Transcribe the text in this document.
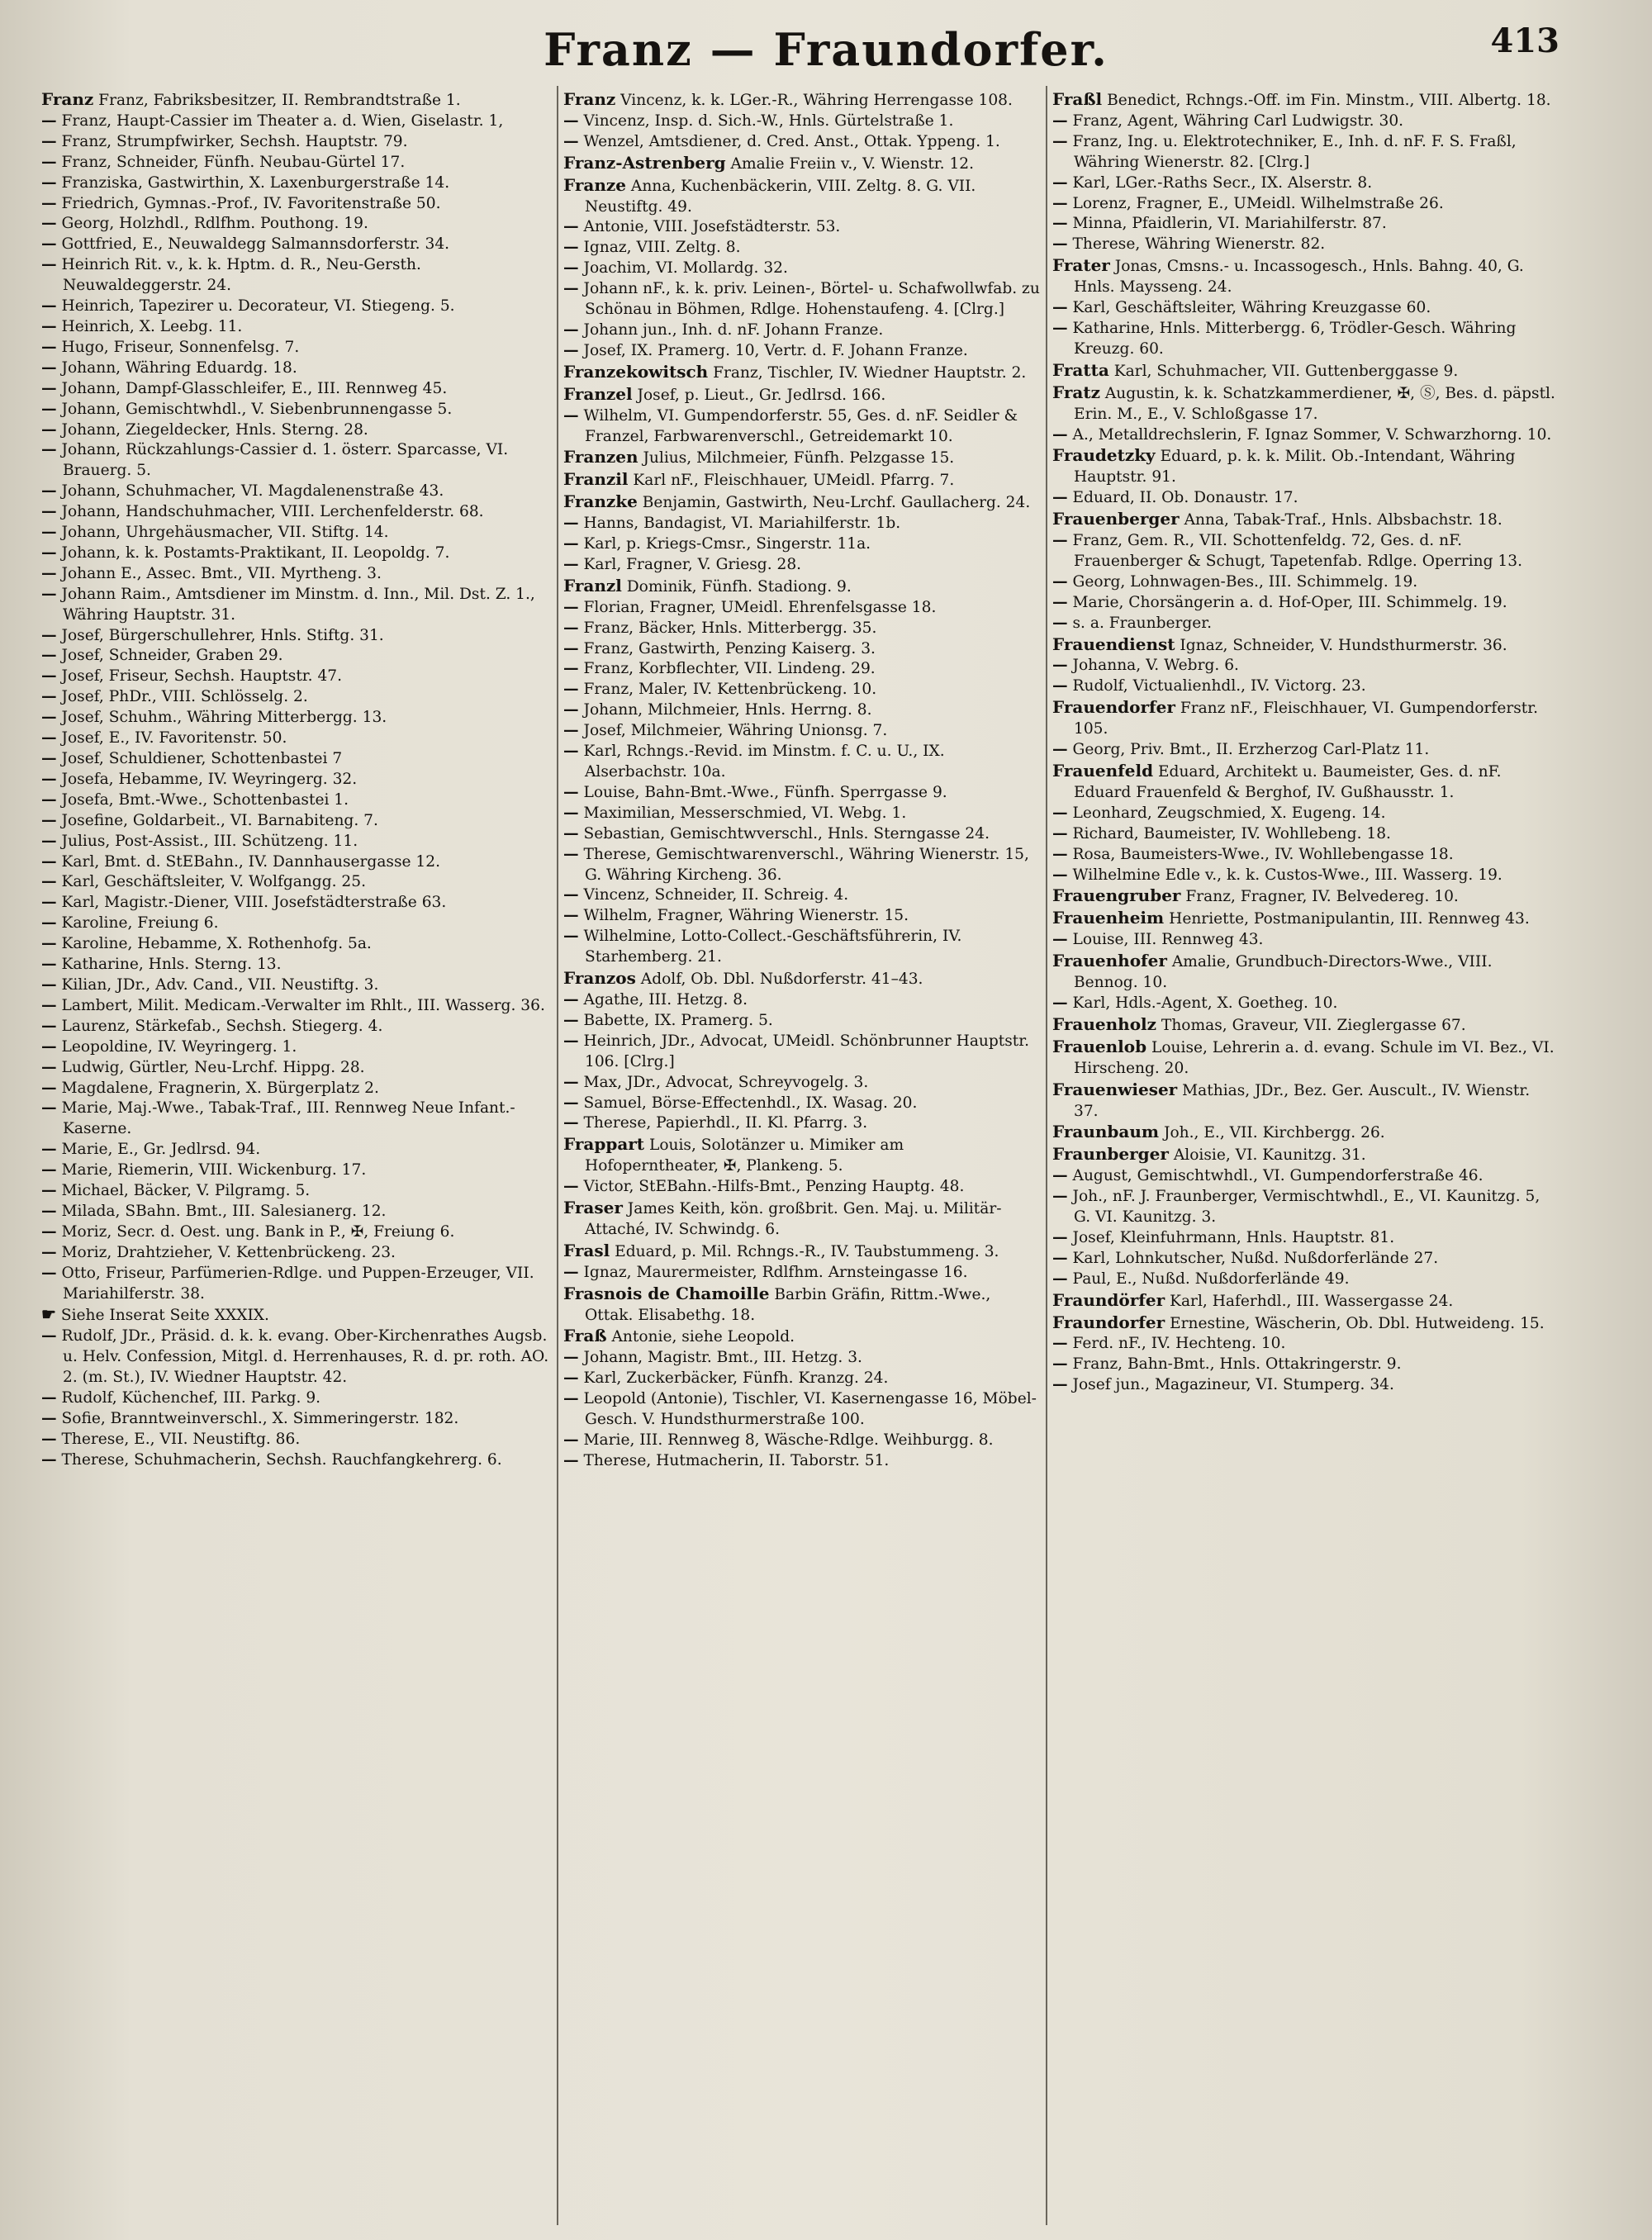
Franz — Fraundorfer.	413

Franz Franz, Fabriksbesitzer, II. Rembrandtstraße 1.

— Franz, Haupt-Cassier im Theater a. d. Wien, Giselastr. 1,

— Franz, Strumpfwirker, Sechsh. Hauptstr. 79.

— Franz, Schneider, Fünfh. Neubau-Gürtel 17.

— Franziska, Gastwirthin, X. Laxenburgerstraße 14.

— Friedrich, Gymnas.-Prof., IV. Favoritenstraße 50.

— Georg, Holzhdl., Rdlfhm. Pouthong. 19.

— Gottfried, E., Neuwaldegg Salmannsdorferstr. 34.

— Heinrich Rit. v., k. k. Hptm. d. R., Neu-Gersth. Neuwaldeggerstr. 24.

— Heinrich, Tapezirer u. Decorateur, VI. Stiegeng. 5.

— Heinrich, X. Leebg. 11.

— Hugo, Friseur, Sonnenfelsg. 7.

— Johann, Währing Eduardg. 18.

— Johann, Dampf-Glasschleifer, E., III. Rennweg 45.

— Johann, Gemischtwhdl., V. Siebenbrunnengasse 5.

— Johann, Ziegeldecker, Hnls. Sterng. 28.

— Johann, Rückzahlungs-Cassier d. 1. österr. Sparcasse, VI. Brauerg. 5.

— Johann, Schuhmacher, VI. Magdalenenstraße 43.

— Johann, Handschuhmacher, VIII. Lerchenfelderstr. 68.

— Johann, Uhrgehäusmacher, VII. Stiftg. 14.

— Johann, k. k. Postamts-Praktikant, II. Leopoldg. 7.

— Johann E., Assec. Bmt., VII. Myrtheng. 3.

— Johann Raim., Amtsdiener im Minstm. d. Inn., Mil. Dst. Z. 1., Währing Hauptstr. 31.

— Josef, Bürgerschullehrer, Hnls. Stiftg. 31.

— Josef, Schneider, Graben 29.

— Josef, Friseur, Sechsh. Hauptstr. 47.

— Josef, PhDr., VIII. Schlösselg. 2.

— Josef, Schuhm., Währing Mitterbergg. 13.

— Josef, E., IV. Favoritenstr. 50.

— Josef, Schuldiener, Schottenbastei 7

— Josefa, Hebamme, IV. Weyringerg. 32.

— Josefa, Bmt.-Wwe., Schottenbastei 1.

— Josefine, Goldarbeit., VI. Barnabiteng. 7.

— Julius, Post-Assist., III. Schützeng. 11.

— Karl, Bmt. d. StEBahn., IV. Dannhausergasse 12.

— Karl, Geschäftsleiter, V. Wolfgangg. 25.

— Karl, Magistr.-Diener, VIII. Josefstädterstraße 63.

— Karoline, Freiung 6.

— Karoline, Hebamme, X. Rothenhofg. 5a.

— Katharine, Hnls. Sterng. 13.

— Kilian, JDr., Adv. Cand., VII. Neustiftg. 3.

— Lambert, Milit. Medicam.-Verwalter im Rhlt., III. Wasserg. 36.

— Laurenz, Stärkefab., Sechsh. Stiegerg. 4.

— Leopoldine, IV. Weyringerg. 1.

— Ludwig, Gürtler, Neu-Lrchf. Hippg. 28.

— Magdalene, Fragnerin, X. Bürgerplatz 2.

— Marie, Maj.-Wwe., Tabak-Traf., III. Rennweg Neue Infant.-Kaserne.

— Marie, E., Gr. Jedlrsd. 94.

— Marie, Riemerin, VIII. Wickenburg. 17.

— Michael, Bäcker, V. Pilgramg. 5.

— Milada, SBahn. Bmt., III. Salesianerg. 12.

— Moriz, Secr. d. Oest. ung. Bank in P., ✠, Freiung 6.

— Moriz, Drahtzieher, V. Kettenbrückeng. 23.

— Otto, Friseur, Parfümerien-Rdlge. und Puppen-Erzeuger, VII. Mariahilferstr. 38.

☛ Siehe Inserat Seite XXXIX.

— Rudolf, JDr., Präsid. d. k. k. evang. Ober-Kirchenrathes Augsb. u. Helv. Confession, Mitgl. d. Herrenhauses, R. d. pr. roth. AO. 2. (m. St.), IV. Wiedner Hauptstr. 42.

— Rudolf, Küchenchef, III. Parkg. 9.

— Sofie, Branntweinverschl., X. Simmeringerstr. 182.

— Therese, E., VII. Neustiftg. 86.

— Therese, Schuhmacherin, Sechsh. Rauchfangkehrerg. 6.

Franz Vincenz, k. k. LGer.-R., Währing Herrengasse 108.

— Vincenz, Insp. d. Sich.-W., Hnls. Gürtelstraße 1.

— Wenzel, Amtsdiener, d. Cred. Anst., Ottak. Yppeng. 1.

Franz-Astrenberg Amalie Freiin v., V. Wienstr. 12.

Franze Anna, Kuchenbäckerin, VIII. Zeltg. 8. G. VII. Neustiftg. 49.

— Antonie, VIII. Josefstädterstr. 53.

— Ignaz, VIII. Zeltg. 8.

— Joachim, VI. Mollardg. 32.

— Johann nF., k. k. priv. Leinen-, Börtel- u. Schafwollwfab. zu Schönau in Böhmen, Rdlge. Hohenstaufeng. 4. [Clrg.]

— Johann jun., Inh. d. nF. Johann Franze.

— Josef, IX. Pramerg. 10, Vertr. d. F. Johann Franze.

Franzekowitsch Franz, Tischler, IV. Wiedner Hauptstr. 2.

Franzel Josef, p. Lieut., Gr. Jedlrsd. 166.

— Wilhelm, VI. Gumpendorferstr. 55, Ges. d. nF. Seidler & Franzel, Farbwarenverschl., Getreidemarkt 10.

Franzen Julius, Milchmeier, Fünfh. Pelzgasse 15.

Franzil Karl nF., Fleischhauer, UMeidl. Pfarrg. 7.

Franzke Benjamin, Gastwirth, Neu-Lrchf. Gaullacherg. 24.

— Hanns, Bandagist, VI. Mariahilferstr. 1b.

— Karl, p. Kriegs-Cmsr., Singerstr. 11a.

— Karl, Fragner, V. Griesg. 28.

Franzl Dominik, Fünfh. Stadiong. 9.

— Florian, Fragner, UMeidl. Ehrenfelsgasse 18.

— Franz, Bäcker, Hnls. Mitterbergg. 35.

— Franz, Gastwirth, Penzing Kaiserg. 3.

— Franz, Korbflechter, VII. Lindeng. 29.

— Franz, Maler, IV. Kettenbrückeng. 10.

— Johann, Milchmeier, Hnls. Herrng. 8.

— Josef, Milchmeier, Währing Unionsg. 7.

— Karl, Rchngs.-Revid. im Minstm. f. C. u. U., IX. Alserbachstr. 10a.

— Louise, Bahn-Bmt.-Wwe., Fünfh. Sperrgasse 9.

— Maximilian, Messerschmied, VI. Webg. 1.

— Sebastian, Gemischtwverschl., Hnls. Sterngasse 24.

— Therese, Gemischtwarenverschl., Währing Wienerstr. 15, G. Währing Kircheng. 36.

— Vincenz, Schneider, II. Schreig. 4.

— Wilhelm, Fragner, Währing Wienerstr. 15.

— Wilhelmine, Lotto-Collect.-Geschäftsführerin, IV. Starhemberg. 21.

Franzos Adolf, Ob. Dbl. Nußdorferstr. 41–43.

— Agathe, III. Hetzg. 8.

— Babette, IX. Pramerg. 5.

— Heinrich, JDr., Advocat, UMeidl. Schönbrunner Hauptstr. 106. [Clrg.]

— Max, JDr., Advocat, Schreyvogelg. 3.

— Samuel, Börse-Effectenhdl., IX. Wasag. 20.

— Therese, Papierhdl., II. Kl. Pfarrg. 3.

Frappart Louis, Solotänzer u. Mimiker am Hofopernthеater, ✠, Plankeng. 5.

— Victor, StEBahn.-Hilfs-Bmt., Penzing Hauptg. 48.

Fraser James Keith, kön. großbrit. Gen. Maj. u. Militär-Attaché, IV. Schwindg. 6.

Frasl Eduard, p. Mil. Rchngs.-R., IV. Taubstummeng. 3.

— Ignaz, Maurermeister, Rdlfhm. Arnsteingasse 16.

Frasnois de Chamoille Barbin Gräfin, Rittm.-Wwe., Ottak. Elisabethg. 18.

Fraß Antonie, siehe Leopold.

— Johann, Magistr. Bmt., III. Hetzg. 3.

— Karl, Zuckerbäcker, Fünfh. Kranzg. 24.

— Leopold (Antonie), Tischler, VI. Kasernengasse 16, Möbel-Gesch. V. Hundsthurmerstraße 100.

— Marie, III. Rennweg 8, Wäsche-Rdlge. Weihburgg. 8.

— Therese, Hutmacherin, II. Taborstr. 51.

Fraßl Benedict, Rchngs.-Off. im Fin. Minstm., VIII. Albertg. 18.

— Franz, Agent, Währing Carl Ludwigstr. 30.

— Franz, Ing. u. Elektrotechniker, E., Inh. d. nF. F. S. Fraßl, Währing Wienerstr. 82. [Clrg.]

— Karl, LGer.-Raths Secr., IX. Alserstr. 8.

— Lorenz, Fragner, E., UMeidl. Wilhelmstraße 26.

— Minna, Pfaidlerin, VI. Mariahilferstr. 87.

— Therese, Währing Wienerstr. 82.

Frater Jonas, Cmsns.- u. Incassogesch., Hnls. Bahng. 40, G. Hnls. Mayssеng. 24.

— Karl, Geschäftsleiter, Währing Kreuzgasse 60.

— Katharine, Hnls. Mitterbergg. 6, Trödler-Gesch. Währing Kreuzg. 60.

Fratta Karl, Schuhmacher, VII. Guttenberggasse 9.

Fratz Augustin, k. k. Schatzkammerdiener, ✠, Ⓢ, Bes. d. päpstl. Erin. M., E., V. Schloßgasse 17.

— A., Metalldrechslerin, F. Ignaz Sommer, V. Schwarzhorng. 10.

Fraudetzky Eduard, p. k. k. Milit. Ob.-Intendant, Währing Hauptstr. 91.

— Eduard, II. Ob. Donaustr. 17.

Frauenberger Anna, Tabak-Traf., Hnls. Albsbachstr. 18.

— Franz, Gem. R., VII. Schottenfeldg. 72, Ges. d. nF. Frauenberger & Schugt, Tapetenfab. Rdlge. Operring 13.

— Georg, Lohnwagen-Bes., III. Schimmelg. 19.

— Marie, Chorsängerin a. d. Hof-Oper, III. Schimmelg. 19.

— s. a. Fraunberger.

Frauendienst Ignaz, Schneider, V. Hundsthurmerstr. 36.

— Johanna, V. Webrg. 6.

— Rudolf, Victualienhdl., IV. Victorg. 23.

Frauendorfer Franz nF., Fleischhauer, VI. Gumpendorferstr. 105.

— Georg, Priv. Bmt., II. Erzherzog Carl-Platz 11.

Frauenfeld Eduard, Architekt u. Baumeister, Ges. d. nF. Eduard Frauenfeld & Berghof, IV. Gußhausstr. 1.

— Leonhard, Zeugschmied, X. Eugeng. 14.

— Richard, Baumeister, IV. Wohllebeng. 18.

— Rosa, Baumeisters-Wwe., IV. Wohllebengasse 18.

— Wilhelmine Edle v., k. k. Custos-Wwe., III. Wasserg. 19.

Frauengruber Franz, Fragner, IV. Belvedereg. 10.

Frauenheim Henriette, Postmanipulantin, III. Rennweg 43.

— Louise, III. Rennweg 43.

Frauenhofer Amalie, Grundbuch-Directors-Wwe., VIII. Bennog. 10.

— Karl, Hdls.-Agent, X. Goetheg. 10.

Frauenholz Thomas, Graveur, VII. Zieglergasse 67.

Frauenlob Louise, Lehrerin a. d. evang. Schule im VI. Bez., VI. Hirscheng. 20.

Frauenwieser Mathias, JDr., Bez. Ger. Auscult., IV. Wienstr. 37.

Fraunbaum Joh., E., VII. Kirchbergg. 26.

Fraunberger Aloisie, VI. Kaunitzg. 31.

— August, Gemischtwhdl., VI. Gumpendorferstraße 46.

— Joh., nF. J. Fraunberger, Vermischtwhdl., E., VI. Kaunitzg. 5, G. VI. Kaunitzg. 3.

— Josef, Kleinfuhrmann, Hnls. Hauptstr. 81.

— Karl, Lohnkutscher, Nußd. Nußdorferlände 27.

— Paul, E., Nußd. Nußdorferländе 49.

Fraundörfer Karl, Haferhdl., III. Wassergasse 24.

Fraundorfer Ernestine, Wäscherin, Ob. Dbl. Hutweideng. 15.

— Ferd. nF., IV. Hechteng. 10.

— Franz, Bahn-Bmt., Hnls. Ottakringerstr. 9.

— Josef jun., Magazineur, VI. Stumperg. 34.
